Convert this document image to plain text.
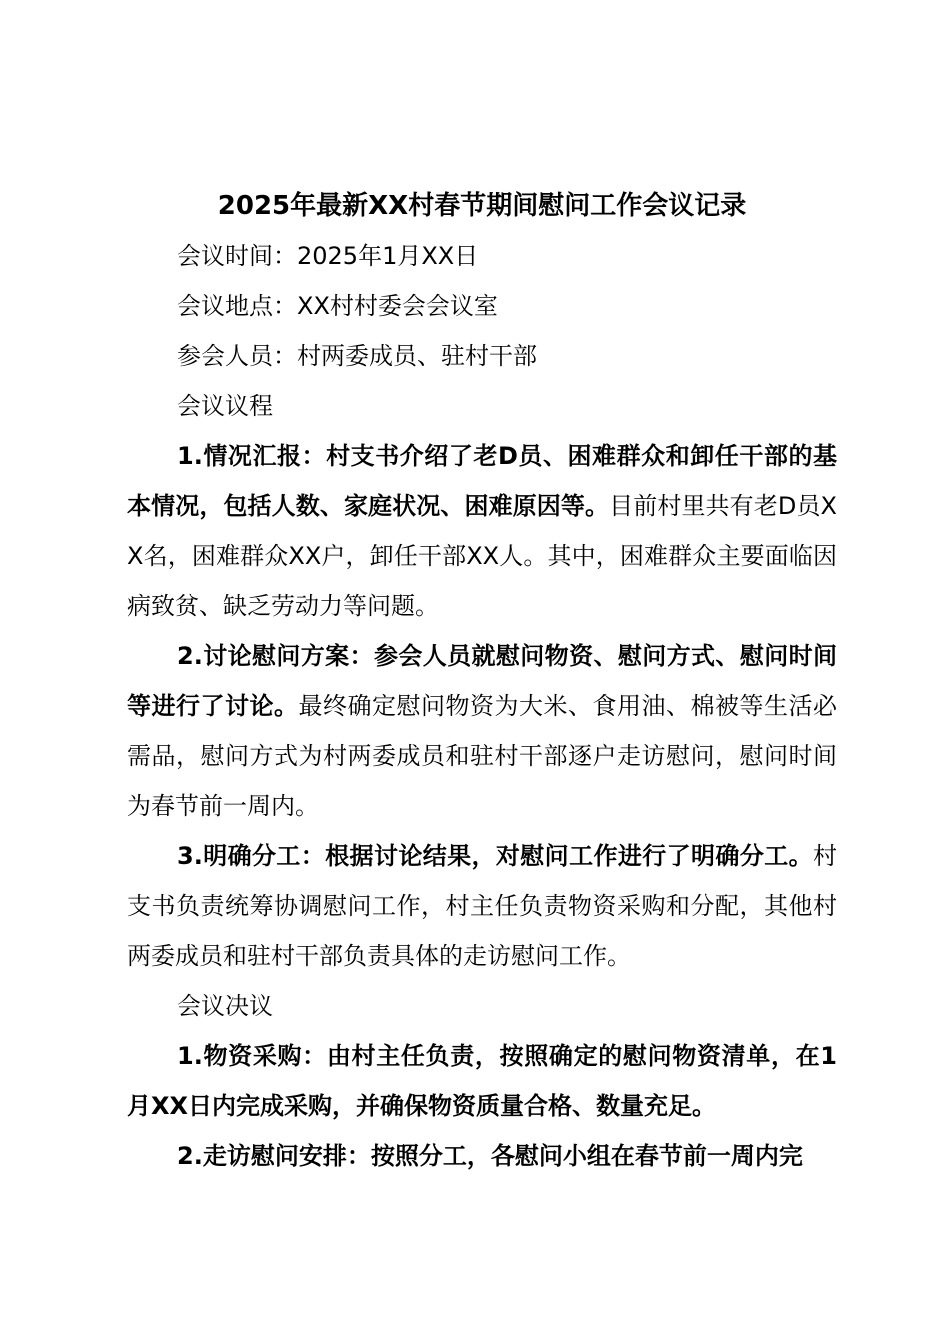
2025年最新XX村春节期间慰问工作会议记录

会议时间：2025年1月XX日

会议地点：XX村村委会会议室

参会人员：村两委成员、驻村干部

会议议程

1.情况汇报：村支书介绍了老D员、困难群众和卸任干部的基本情况，包括人数、家庭状况、困难原因等。目前村里共有老D员XX名，困难群众XX户，卸任干部XX人。其中，困难群众主要面临因病致贫、缺乏劳动力等问题。

2.讨论慰问方案：参会人员就慰问物资、慰问方式、慰问时间等进行了讨论。最终确定慰问物资为大米、食用油、棉被等生活必需品，慰问方式为村两委成员和驻村干部逐户走访慰问，慰问时间为春节前一周内。

3.明确分工：根据讨论结果，对慰问工作进行了明确分工。村支书负责统筹协调慰问工作，村主任负责物资采购和分配，其他村两委成员和驻村干部负责具体的走访慰问工作。

会议决议

1.物资采购：由村主任负责，按照确定的慰问物资清单，在1月XX日内完成采购，并确保物资质量合格、数量充足。

2.走访慰问安排：按照分工，各慰问小组在春节前一周内完
